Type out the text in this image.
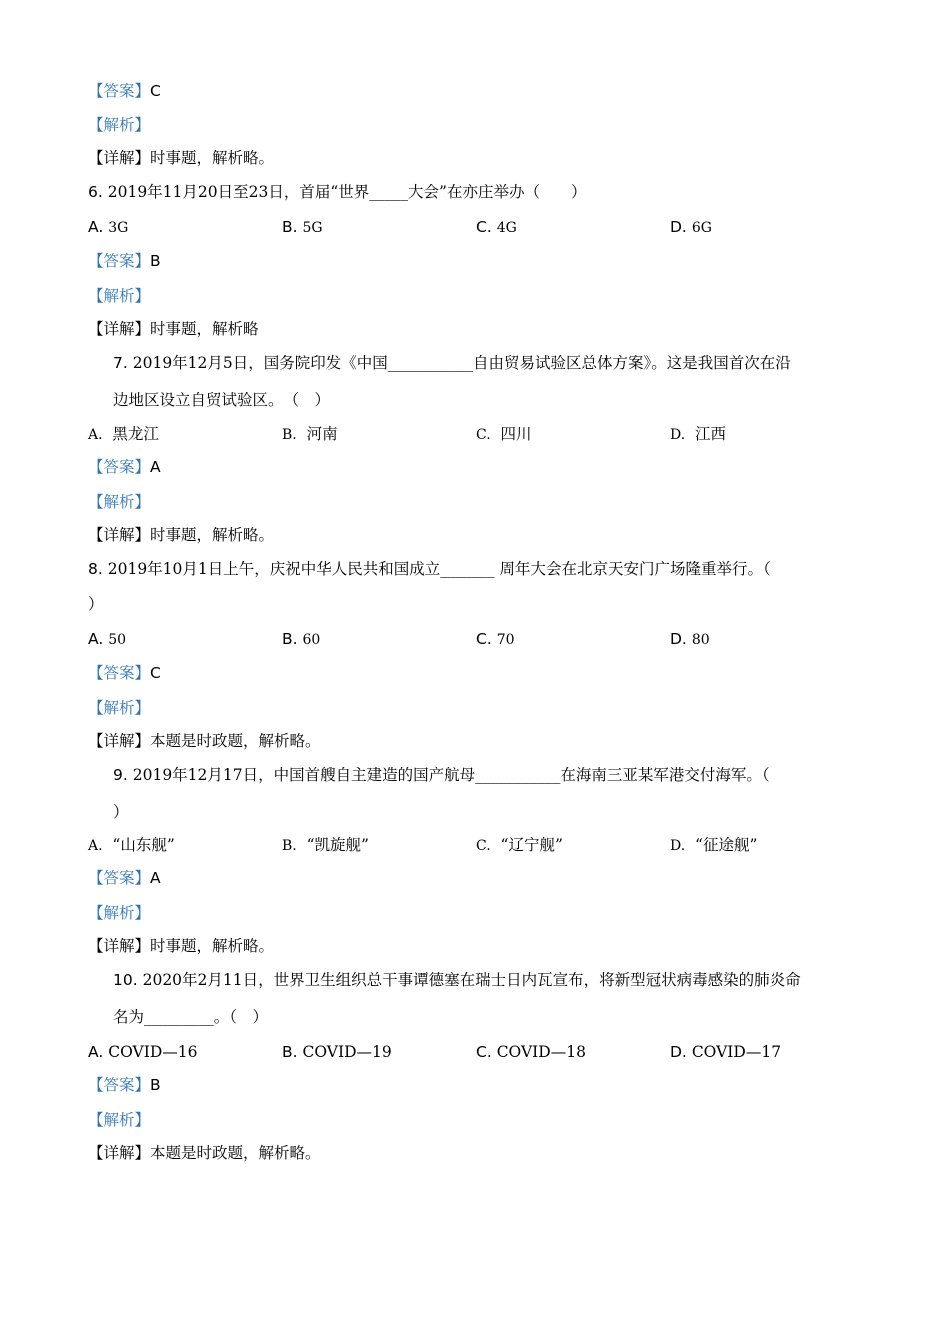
【答案】C
【解析】
【详解】时事题，解析略。
6. 2019年11月20日至23日，首届“世界_____大会”在亦庄举办（　　）
A. 3G	B. 5G	C. 4G	D. 6G
【答案】B
【解析】
【详解】时事题，解析略
7. 2019年12月5日，国务院印发《中国___________自由贸易试验区总体方案》。这是我国首次在沿
边地区设立自贸试验区。　（　）
A. 黑龙江	B. 河南	C. 四川	D. 江西
【答案】A
【解析】
【详解】时事题，解析略。
8. 2019年10月1日上午，庆祝中华人民共和国成立_______ 周年大会在北京天安门广场隆重举行。（
）
A. 50	B. 60	C. 70	D. 80
【答案】C
【解析】
【详解】本题是时政题，解析略。
9. 2019年12月17日，中国首艘自主建造的国产航母___________在海南三亚某军港交付海军。（
）
A. “山东舰”	B. “凯旋舰”	C. “辽宁舰”	D. “征途舰”
【答案】A
【解析】
【详解】时事题，解析略。
10. 2020年2月11日，世界卫生组织总干事谭德塞在瑞士日内瓦宣布，将新型冠状病毒感染的肺炎命
名为_________。（　）
A. COVID—16	B. COVID—19	C. COVID—18	D. COVID—17
【答案】B
【解析】
【详解】本题是时政题，解析略。
